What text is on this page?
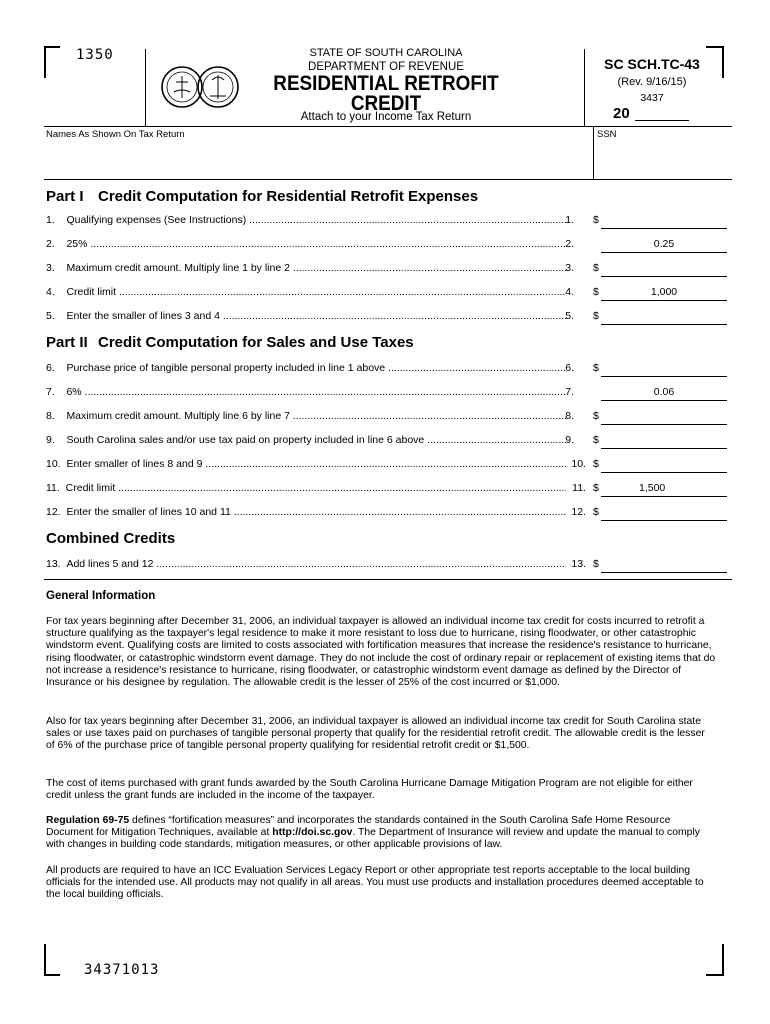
1350	STATE OF SOUTH CAROLINA
DEPARTMENT OF REVENUE
RESIDENTIAL RETROFIT
CREDIT
Attach to your Income Tax Return
SC SCH.TC-43
(Rev. 9/16/15)
3437
20
Names As Shown On Tax Return	SSN
Part I Credit Computation for Residential Retrofit Expenses
1.    Qualifying expenses (See Instructions) .....	1. $
2.    25% .....	2.	0.25
3.    Maximum credit amount. Multiply line 1 by line 2 .....	3. $
4.    Credit limit .....	4. $	1,000
5.    Enter the smaller of lines 3 and 4 .....	5. $
Part II Credit Computation for Sales and Use Taxes
6.    Purchase price of tangible personal property included in line 1 above .....	6. $
7.    6% .....	7.	0.06
8.    Maximum credit amount. Multiply line 6 by line 7 .....	8. $
9.    South Carolina sales and/or use tax paid on property included in line 6 above .....	9. $
10.  Enter smaller of lines 8 and 9 .....	10. $
11.  Credit limit .....	11. $	1,500
12.  Enter the smaller of lines 10 and 11 .....	12. $
Combined Credits
13.  Add lines 5 and 12 .....	13. $
General Information
For tax years beginning after December 31, 2006, an individual taxpayer is allowed an individual income tax credit for costs incurred to retrofit a structure qualifying as the taxpayer's legal residence to make it more resistant to loss due to hurricane, rising floodwater, or other catastrophic windstorm event. Qualifying costs are limited to costs associated with fortification measures that increase the residence's resistance to hurricane, rising floodwater, or catastrophic windstorm event damage. They do not include the cost of ordinary repair or replacement of existing items that do not increase a residence's resistance to hurricane, rising floodwater, or catastrophic windstorm event damage as defined by the Director of Insurance or his designee by regulation. The allowable credit is the lesser of 25% of the cost incurred or $1,000.
Also for tax years beginning after December 31, 2006, an individual taxpayer is allowed an individual income tax credit for South Carolina state sales or use taxes paid on purchases of tangible personal property that qualify for the residential retrofit credit. The allowable credit is the lesser of 6% of the purchase price of tangible personal property qualifying for residential retrofit credit or $1,500.
The cost of items purchased with grant funds awarded by the South Carolina Hurricane Damage Mitigation Program are not eligible for either credit unless the grant funds are included in the income of the taxpayer.
Regulation 69-75 defines “fortification measures” and incorporates the standards contained in the South Carolina Safe Home Resource Document for Mitigation Techniques, available at http://doi.sc.gov. The Department of Insurance will review and update the manual to comply with changes in building code standards, mitigation measures, or other applicable provisions of law.
All products are required to have an ICC Evaluation Services Legacy Report or other appropriate test reports acceptable to the local building officials for the intended use. All products may not qualify in all areas. You must use products and installation procedures deemed acceptable to the local building officials.
34371013
